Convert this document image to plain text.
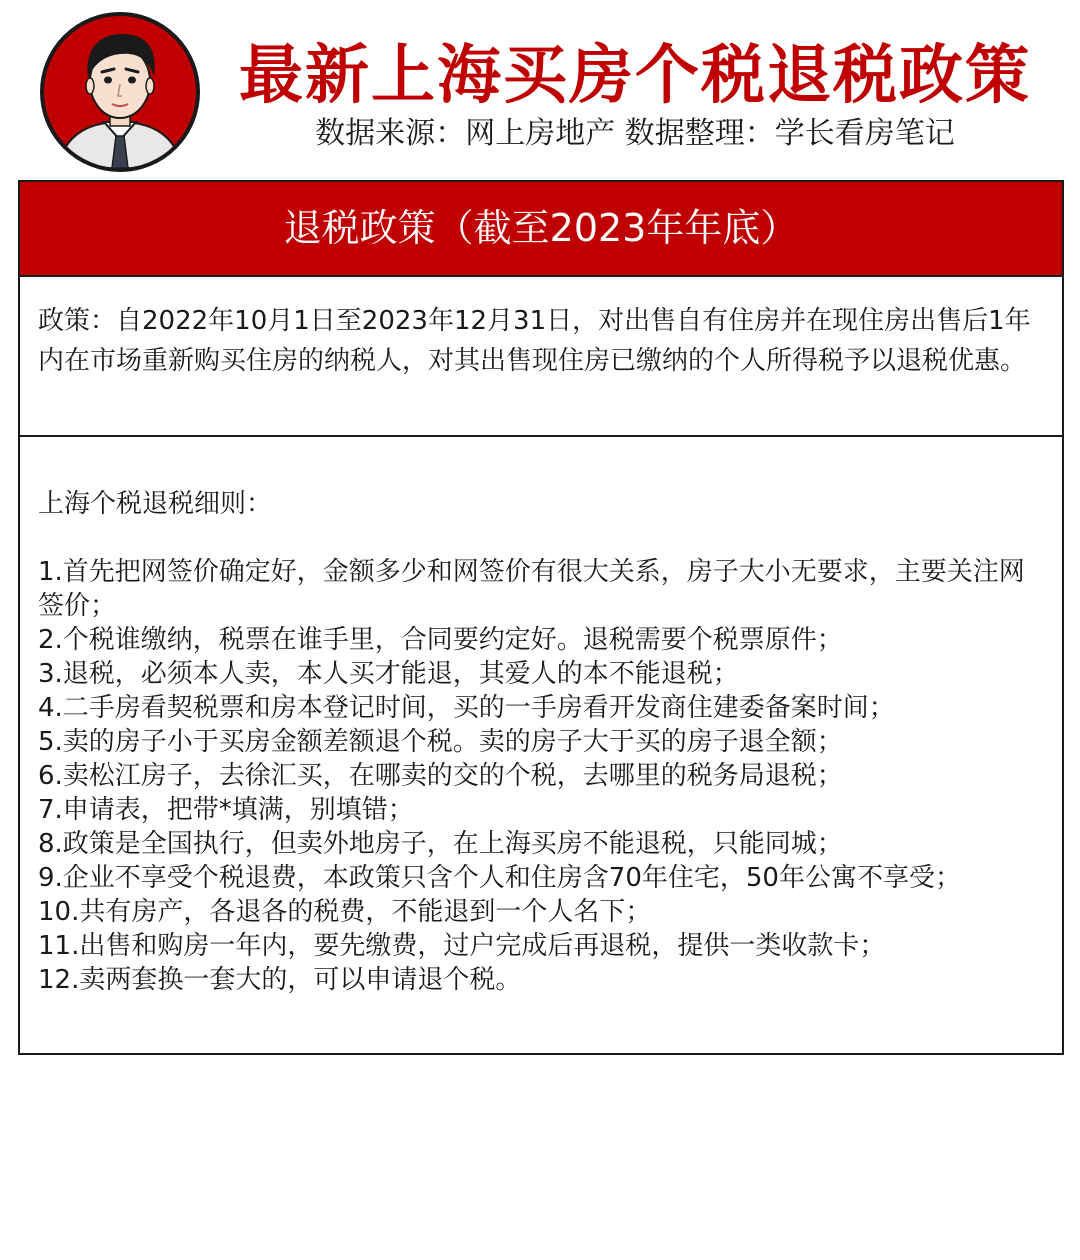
最新上海买房个税退税政策
数据来源：网上房地产 数据整理：学长看房笔记
退税政策（截至2023年年底）
政策：自2022年10月1日至2023年12月31日，对出售自有住房并在现住房出售后1年内在市场重新购买住房的纳税人，对其出售现住房已缴纳的个人所得税予以退税优惠。
上海个税退税细则：
1.首先把网签价确定好，金额多少和网签价有很大关系，房子大小无要求，主要关注网签价；
2.个税谁缴纳，税票在谁手里，合同要约定好。退税需要个税票原件；
3.退税，必须本人卖，本人买才能退，其爱人的本不能退税；
4.二手房看契税票和房本登记时间，买的一手房看开发商住建委备案时间；
5.卖的房子小于买房金额差额退个税。卖的房子大于买的房子退全额；
6.卖松江房子，去徐汇买，在哪卖的交的个税，去哪里的税务局退税；
7.申请表，把带*填满，别填错；
8.政策是全国执行，但卖外地房子，在上海买房不能退税，只能同城；
9.企业不享受个税退费，本政策只含个人和住房含70年住宅，50年公寓不享受；
10.共有房产，各退各的税费，不能退到一个人名下；
11.出售和购房一年内，要先缴费，过户完成后再退税，提供一类收款卡；
12.卖两套换一套大的，可以申请退个税。
